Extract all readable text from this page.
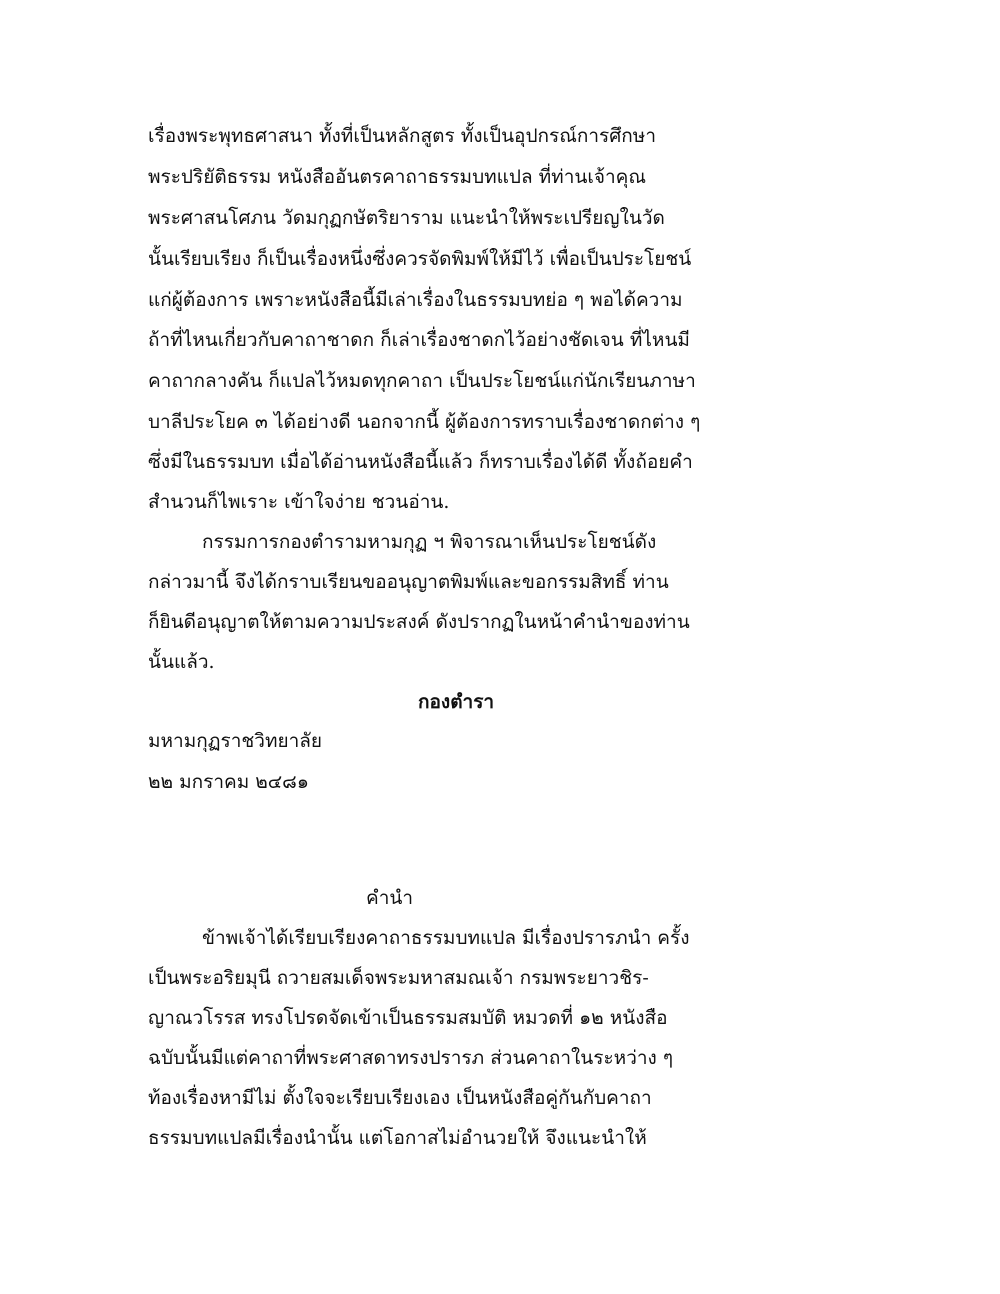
เรื่องพระพุทธศาสนา ทั้งที่เป็นหลักสูตร ทั้งเป็นอุปกรณ์การศึกษา
พระปริยัติธรรม หนังสืออันตรคาถาธรรมบทแปล ที่ท่านเจ้าคุณ
พระศาสนโศภน วัดมกุฏกษัตริยาราม แนะนำให้พระเปรียญในวัด
นั้นเรียบเรียง ก็เป็นเรื่องหนึ่งซึ่งควรจัดพิมพ์ให้มีไว้ เพื่อเป็นประโยชน์
แก่ผู้ต้องการ เพราะหนังสือนี้มีเล่าเรื่องในธรรมบทย่อ ๆ พอได้ความ
ถ้าที่ไหนเกี่ยวกับคาถาชาดก ก็เล่าเรื่องชาดกไว้อย่างชัดเจน ที่ไหนมี
คาถากลางคัน ก็แปลไว้หมดทุกคาถา เป็นประโยชน์แก่นักเรียนภาษา
บาลีประโยค ๓ ได้อย่างดี นอกจากนี้ ผู้ต้องการทราบเรื่องชาดกต่าง ๆ
ซึ่งมีในธรรมบท เมื่อได้อ่านหนังสือนี้แล้ว ก็ทราบเรื่องได้ดี ทั้งถ้อยคำ
สำนวนก็ไพเราะ เข้าใจง่าย ชวนอ่าน.
กรรมการกองตำรามหามกุฏ ฯ พิจารณาเห็นประโยชน์ดัง
กล่าวมานี้ จึงได้กราบเรียนขออนุญาตพิมพ์และขอกรรมสิทธิ์ ท่าน
ก็ยินดีอนุญาตให้ตามความประสงค์ ดังปรากฏในหน้าคำนำของท่าน
นั้นแล้ว.
กองตำรา
มหามกุฏราชวิทยาลัย
๒๒ มกราคม ๒๔๘๑
คำนำ
ข้าพเจ้าได้เรียบเรียงคาถาธรรมบทแปล มีเรื่องปรารภนำ ครั้ง
เป็นพระอริยมุนี ถวายสมเด็จพระมหาสมณเจ้า กรมพระยาวชิร-
ญาณวโรรส ทรงโปรดจัดเข้าเป็นธรรมสมบัติ หมวดที่ ๑๒ หนังสือ
ฉบับนั้นมีแต่คาถาที่พระศาสดาทรงปรารภ ส่วนคาถาในระหว่าง ๆ
ท้องเรื่องหามีไม่ ตั้งใจจะเรียบเรียงเอง เป็นหนังสือคู่กันกับคาถา
ธรรมบทแปลมีเรื่องนำนั้น แต่โอกาสไม่อำนวยให้ จึงแนะนำให้
